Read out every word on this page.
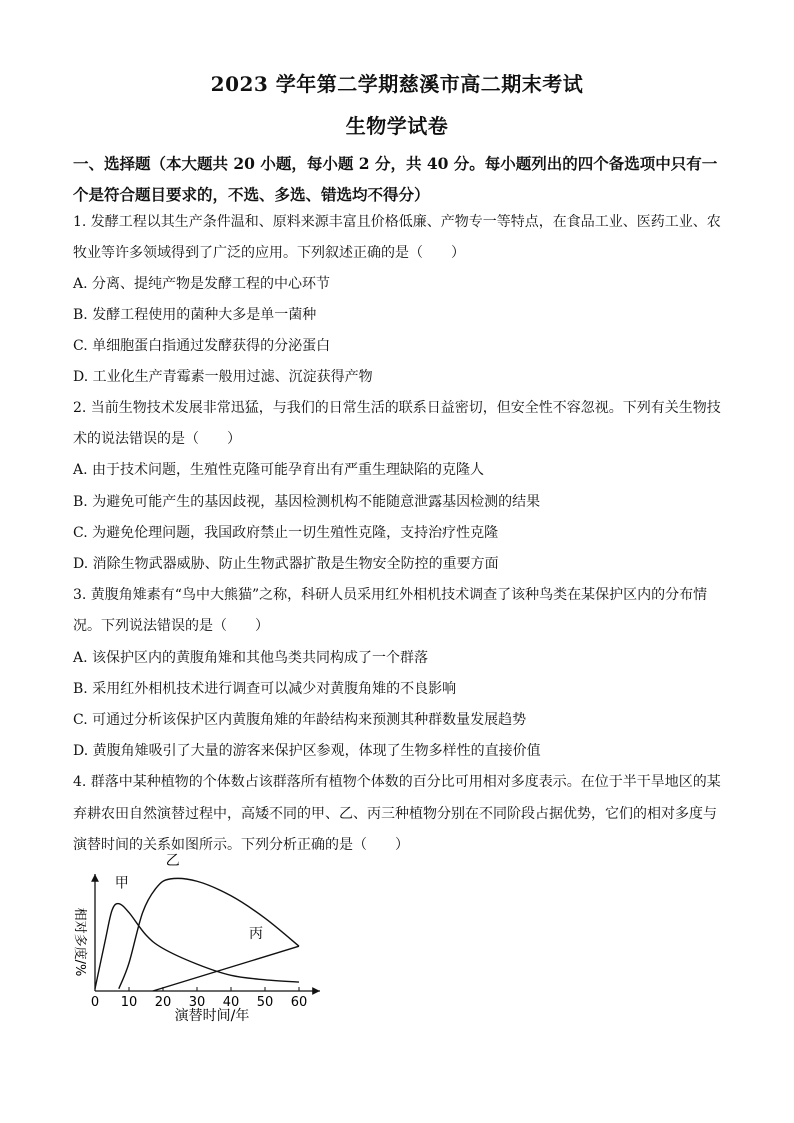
2023 学年第二学期慈溪市高二期末考试
生物学试卷
一、选择题（本大题共 20 小题，每小题 2 分，共 40 分。每小题列出的四个备选项中只有一
个是符合题目要求的，不选、多选、错选均不得分）
1. 发酵工程以其生产条件温和、原料来源丰富且价格低廉、产物专一等特点，在食品工业、医药工业、农
牧业等许多领域得到了广泛的应用。下列叙述正确的是（　　）
A. 分离、提纯产物是发酵工程的中心环节
B. 发酵工程使用的菌种大多是单一菌种
C. 单细胞蛋白指通过发酵获得的分泌蛋白
D. 工业化生产青霉素一般用过滤、沉淀获得产物
2. 当前生物技术发展非常迅猛，与我们的日常生活的联系日益密切，但安全性不容忽视。下列有关生物技
术的说法错误的是（　　）
A. 由于技术问题，生殖性克隆可能孕育出有严重生理缺陷的克隆人
B. 为避免可能产生的基因歧视，基因检测机构不能随意泄露基因检测的结果
C. 为避免伦理问题，我国政府禁止一切生殖性克隆，支持治疗性克隆
D. 消除生物武器威胁、防止生物武器扩散是生物安全防控的重要方面
3. 黄腹角雉素有“鸟中大熊猫”之称，科研人员采用红外相机技术调查了该种鸟类在某保护区内的分布情
况。下列说法错误的是（　　）
A. 该保护区内的黄腹角雉和其他鸟类共同构成了一个群落
B. 采用红外相机技术进行调查可以减少对黄腹角雉的不良影响
C. 可通过分析该保护区内黄腹角雉的年龄结构来预测其种群数量发展趋势
D. 黄腹角雉吸引了大量的游客来保护区参观，体现了生物多样性的直接价值
4. 群落中某种植物的个体数占该群落所有植物个体数的百分比可用相对多度表示。在位于半干旱地区的某
弃耕农田自然演替过程中，高矮不同的甲、乙、丙三种植物分别在不同阶段占据优势，它们的相对多度与
演替时间的关系如图所示。下列分析正确的是（　　）
0 10 20 30 40 50 60
甲
乙
丙
演替时间/年
相对多度/%
